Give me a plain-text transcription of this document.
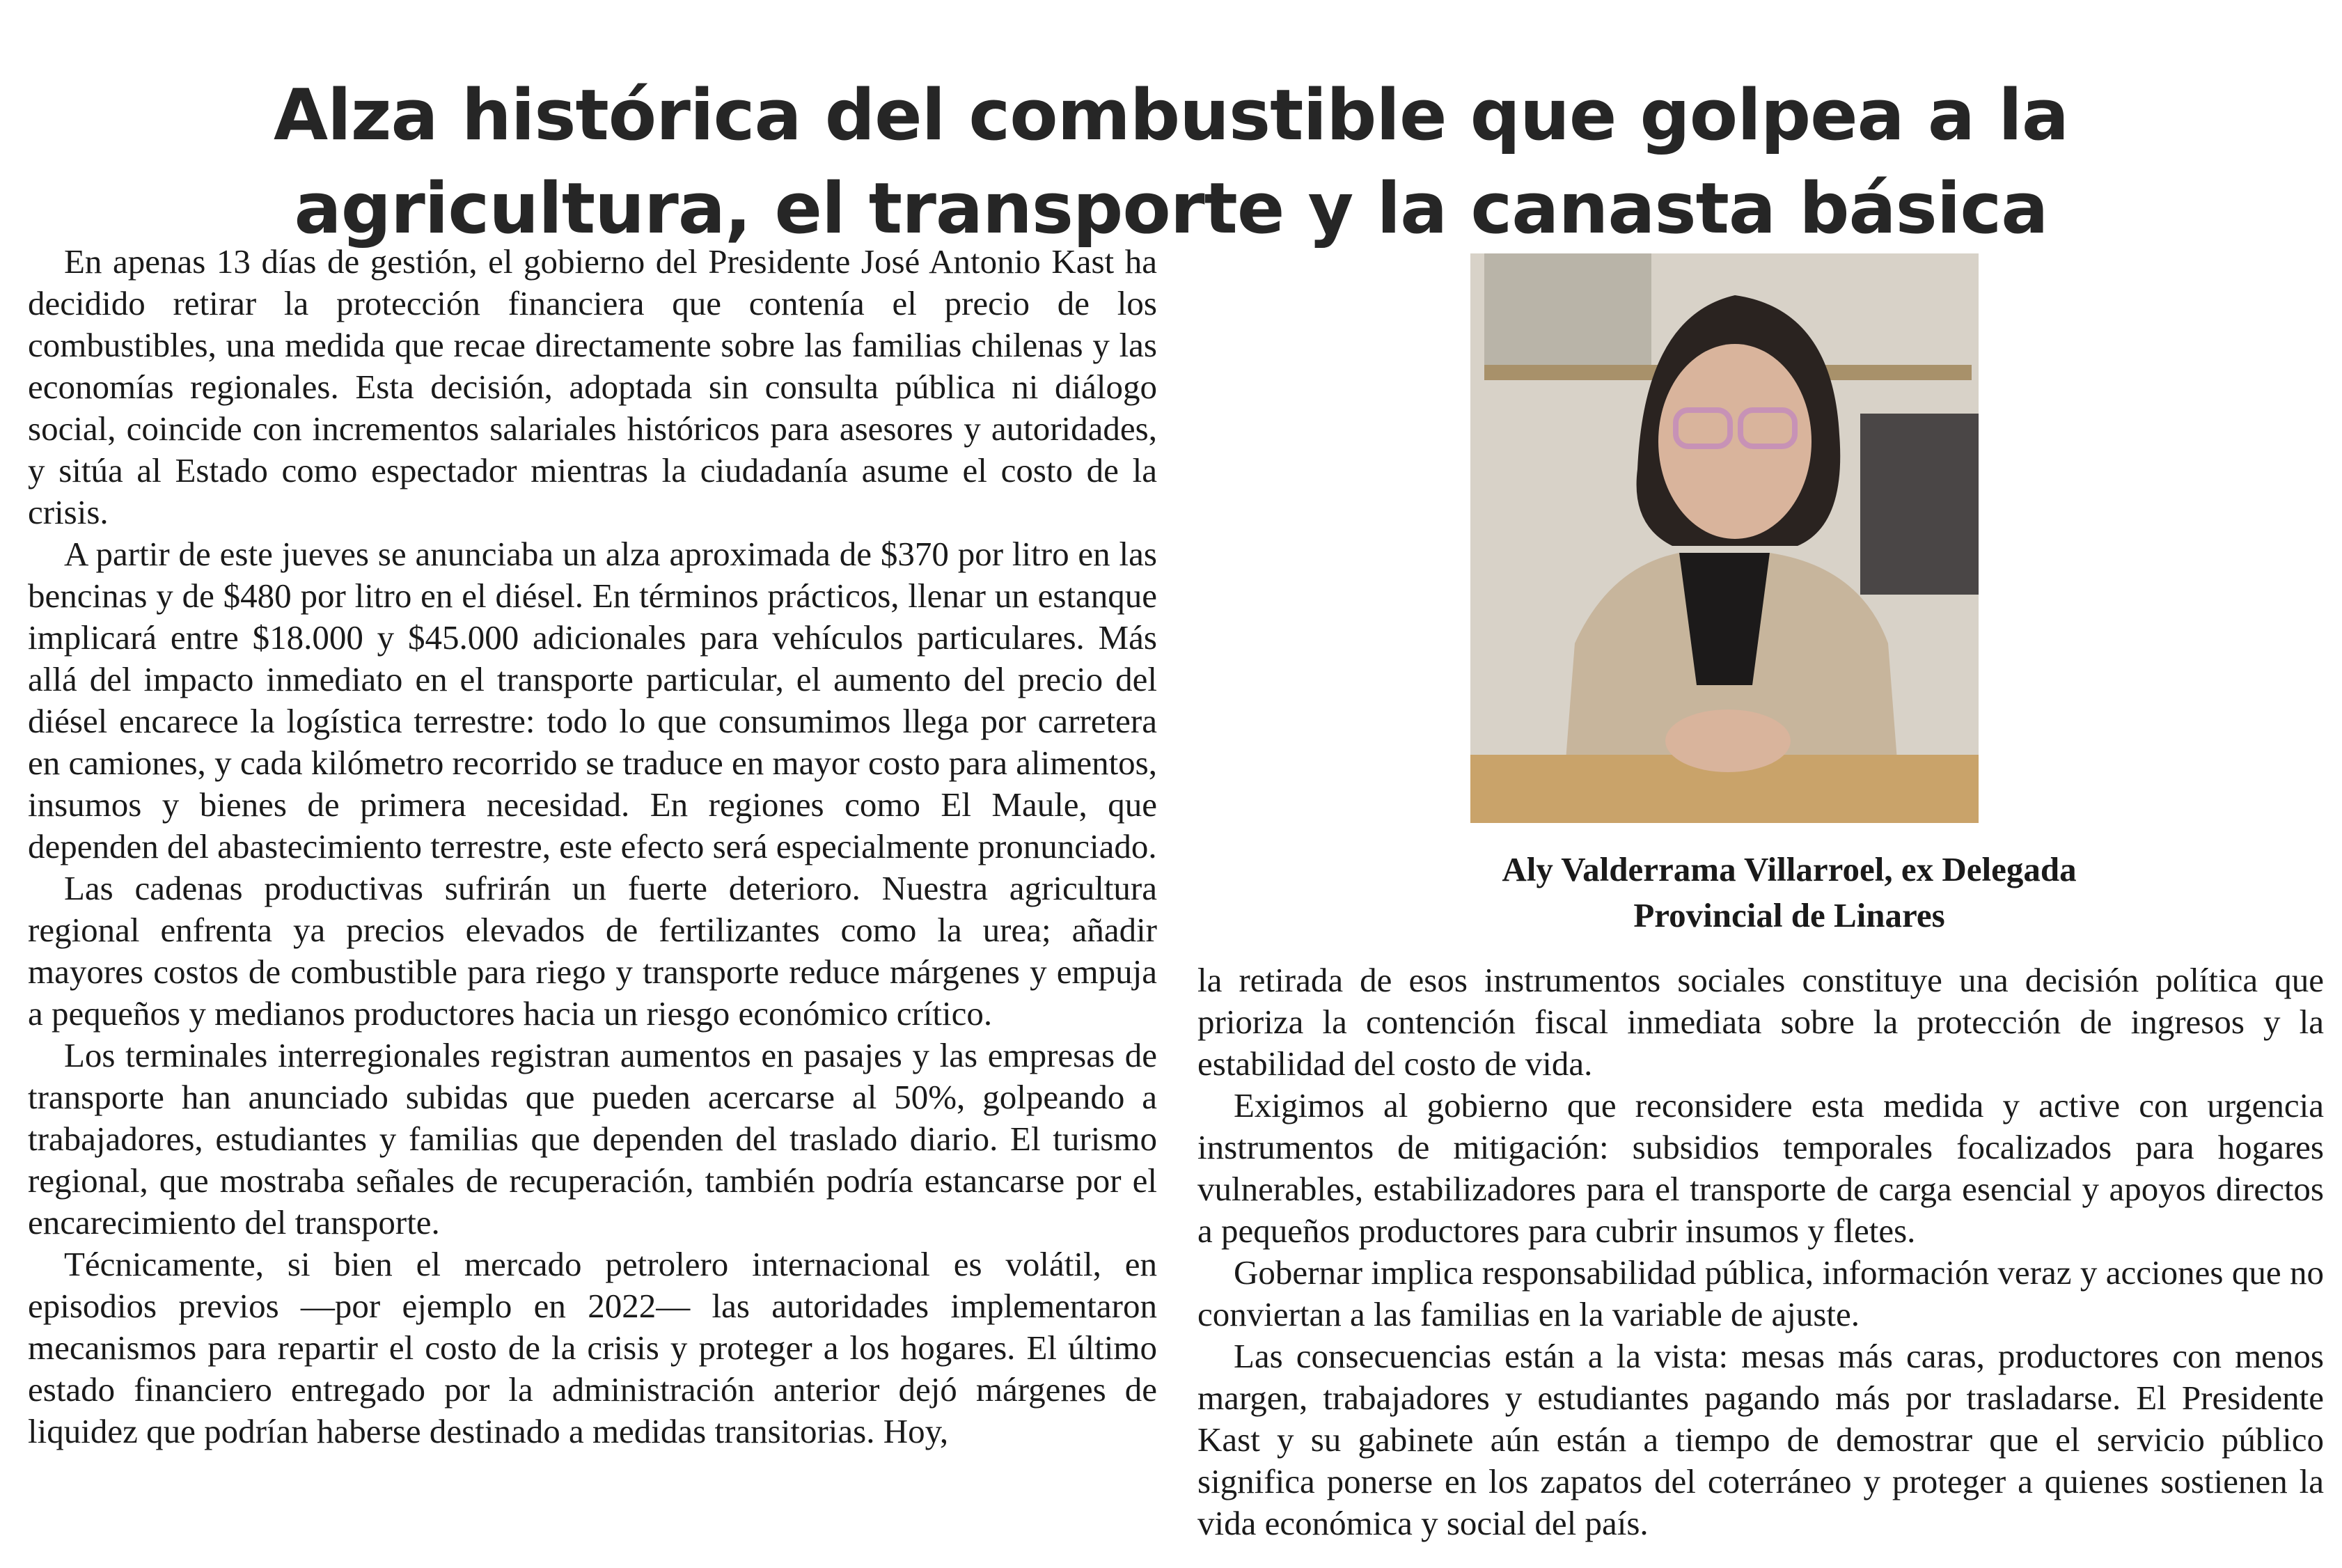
Alza histórica del combustible que golpea a la
agricultura, el transporte y la canasta básica

En apenas 13 días de gestión, el gobierno del Presidente José Antonio Kast ha decidido retirar la protección financiera que contenía el precio de los combustibles, una medida que recae directamente sobre las familias chilenas y las economías regionales. Esta decisión, adoptada sin consulta pública ni diálogo social, coincide con incrementos salariales históricos para asesores y autoridades, y sitúa al Estado como espectador mientras la ciudadanía asume el costo de la crisis.

A partir de este jueves se anunciaba un alza aproximada de $370 por litro en las bencinas y de $480 por litro en el diésel. En términos prácticos, llenar un estanque implicará entre $18.000 y $45.000 adicionales para vehículos particulares. Más allá del impacto inmediato en el transporte particular, el aumento del precio del diésel encarece la logística terrestre: todo lo que consumimos llega por carretera en camiones, y cada kilómetro recorrido se traduce en mayor costo para alimentos, insumos y bienes de primera necesidad. En regiones como El Maule, que dependen del abastecimiento terrestre, este efecto será especialmente pronunciado.

Las cadenas productivas sufrirán un fuerte deterioro. Nuestra agricultura regional enfrenta ya precios elevados de fertilizantes como la urea; añadir mayores costos de combustible para riego y transporte reduce márgenes y empuja a pequeños y medianos productores hacia un riesgo económico crítico.

Los terminales interregionales registran aumentos en pasajes y las empresas de transporte han anunciado subidas que pueden acercarse al 50%, golpeando a trabajadores, estudiantes y familias que dependen del traslado diario. El turismo regional, que mostraba señales de recuperación, también podría estancarse por el encarecimiento del transporte.

Técnicamente, si bien el mercado petrolero internacional es volátil, en episodios previos —por ejemplo en 2022— las autoridades implementaron mecanismos para repartir el costo de la crisis y proteger a los hogares. El último estado financiero entregado por la administración anterior dejó márgenes de liquidez que podrían haberse destinado a medidas transitorias. Hoy,

Aly Valderrama Villarroel, ex Delegada
Provincial de Linares

la retirada de esos instrumentos sociales constituye una decisión política que prioriza la contención fiscal inmediata sobre la protección de ingresos y la estabilidad del costo de vida.

Exigimos al gobierno que reconsidere esta medida y active con urgencia instrumentos de mitigación: subsidios temporales focalizados para hogares vulnerables, estabilizadores para el transporte de carga esencial y apoyos directos a pequeños productores para cubrir insumos y fletes.

Gobernar implica responsabilidad pública, información veraz y acciones que no conviertan a las familias en la variable de ajuste.

Las consecuencias están a la vista: mesas más caras, productores con menos margen, trabajadores y estudiantes pagando más por trasladarse. El Presidente Kast y su gabinete aún están a tiempo de demostrar que el servicio público significa ponerse en los zapatos del coterráneo y proteger a quienes sostienen la vida económica y social del país.
